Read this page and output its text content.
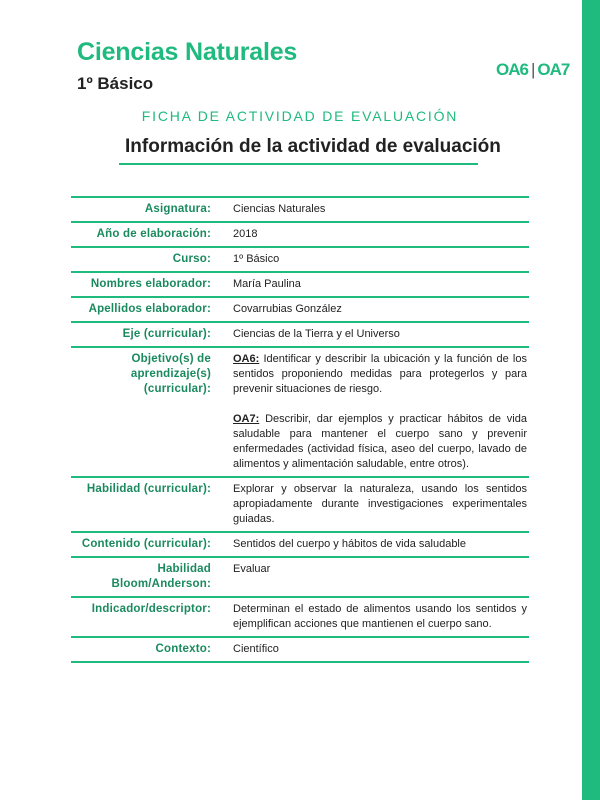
Ciencias Naturales
1º Básico
OA6 | OA7
FICHA DE ACTIVIDAD DE EVALUACIÓN
Información de la actividad de evaluación
Asignatura:	Ciencias Naturales
Año de elaboración:	2018
Curso:	1º Básico
Nombres elaborador:	María Paulina
Apellidos elaborador:	Covarrubias González
Eje (curricular):	Ciencias de la Tierra y el Universo
Objetivo(s) de aprendizaje(s) (curricular):	OA6: Identificar y describir la ubicación y la función de los sentidos proponiendo medidas para protegerlos y para prevenir situaciones de riesgo.
OA7: Describir, dar ejemplos y practicar hábitos de vida saludable para mantener el cuerpo sano y prevenir enfermedades (actividad física, aseo del cuerpo, lavado de alimentos y alimentación saludable, entre otros).

Habilidad (curricular):	Explorar y observar la naturaleza, usando los sentidos apropiadamente durante investigaciones experimentales guiadas.
Contenido (curricular):	Sentidos del cuerpo y hábitos de vida saludable
Habilidad Bloom/Anderson:	Evaluar
Indicador/descriptor:	Determinan el estado de alimentos usando los sentidos y ejemplifican acciones que mantienen el cuerpo sano.
Contexto:	Científico
